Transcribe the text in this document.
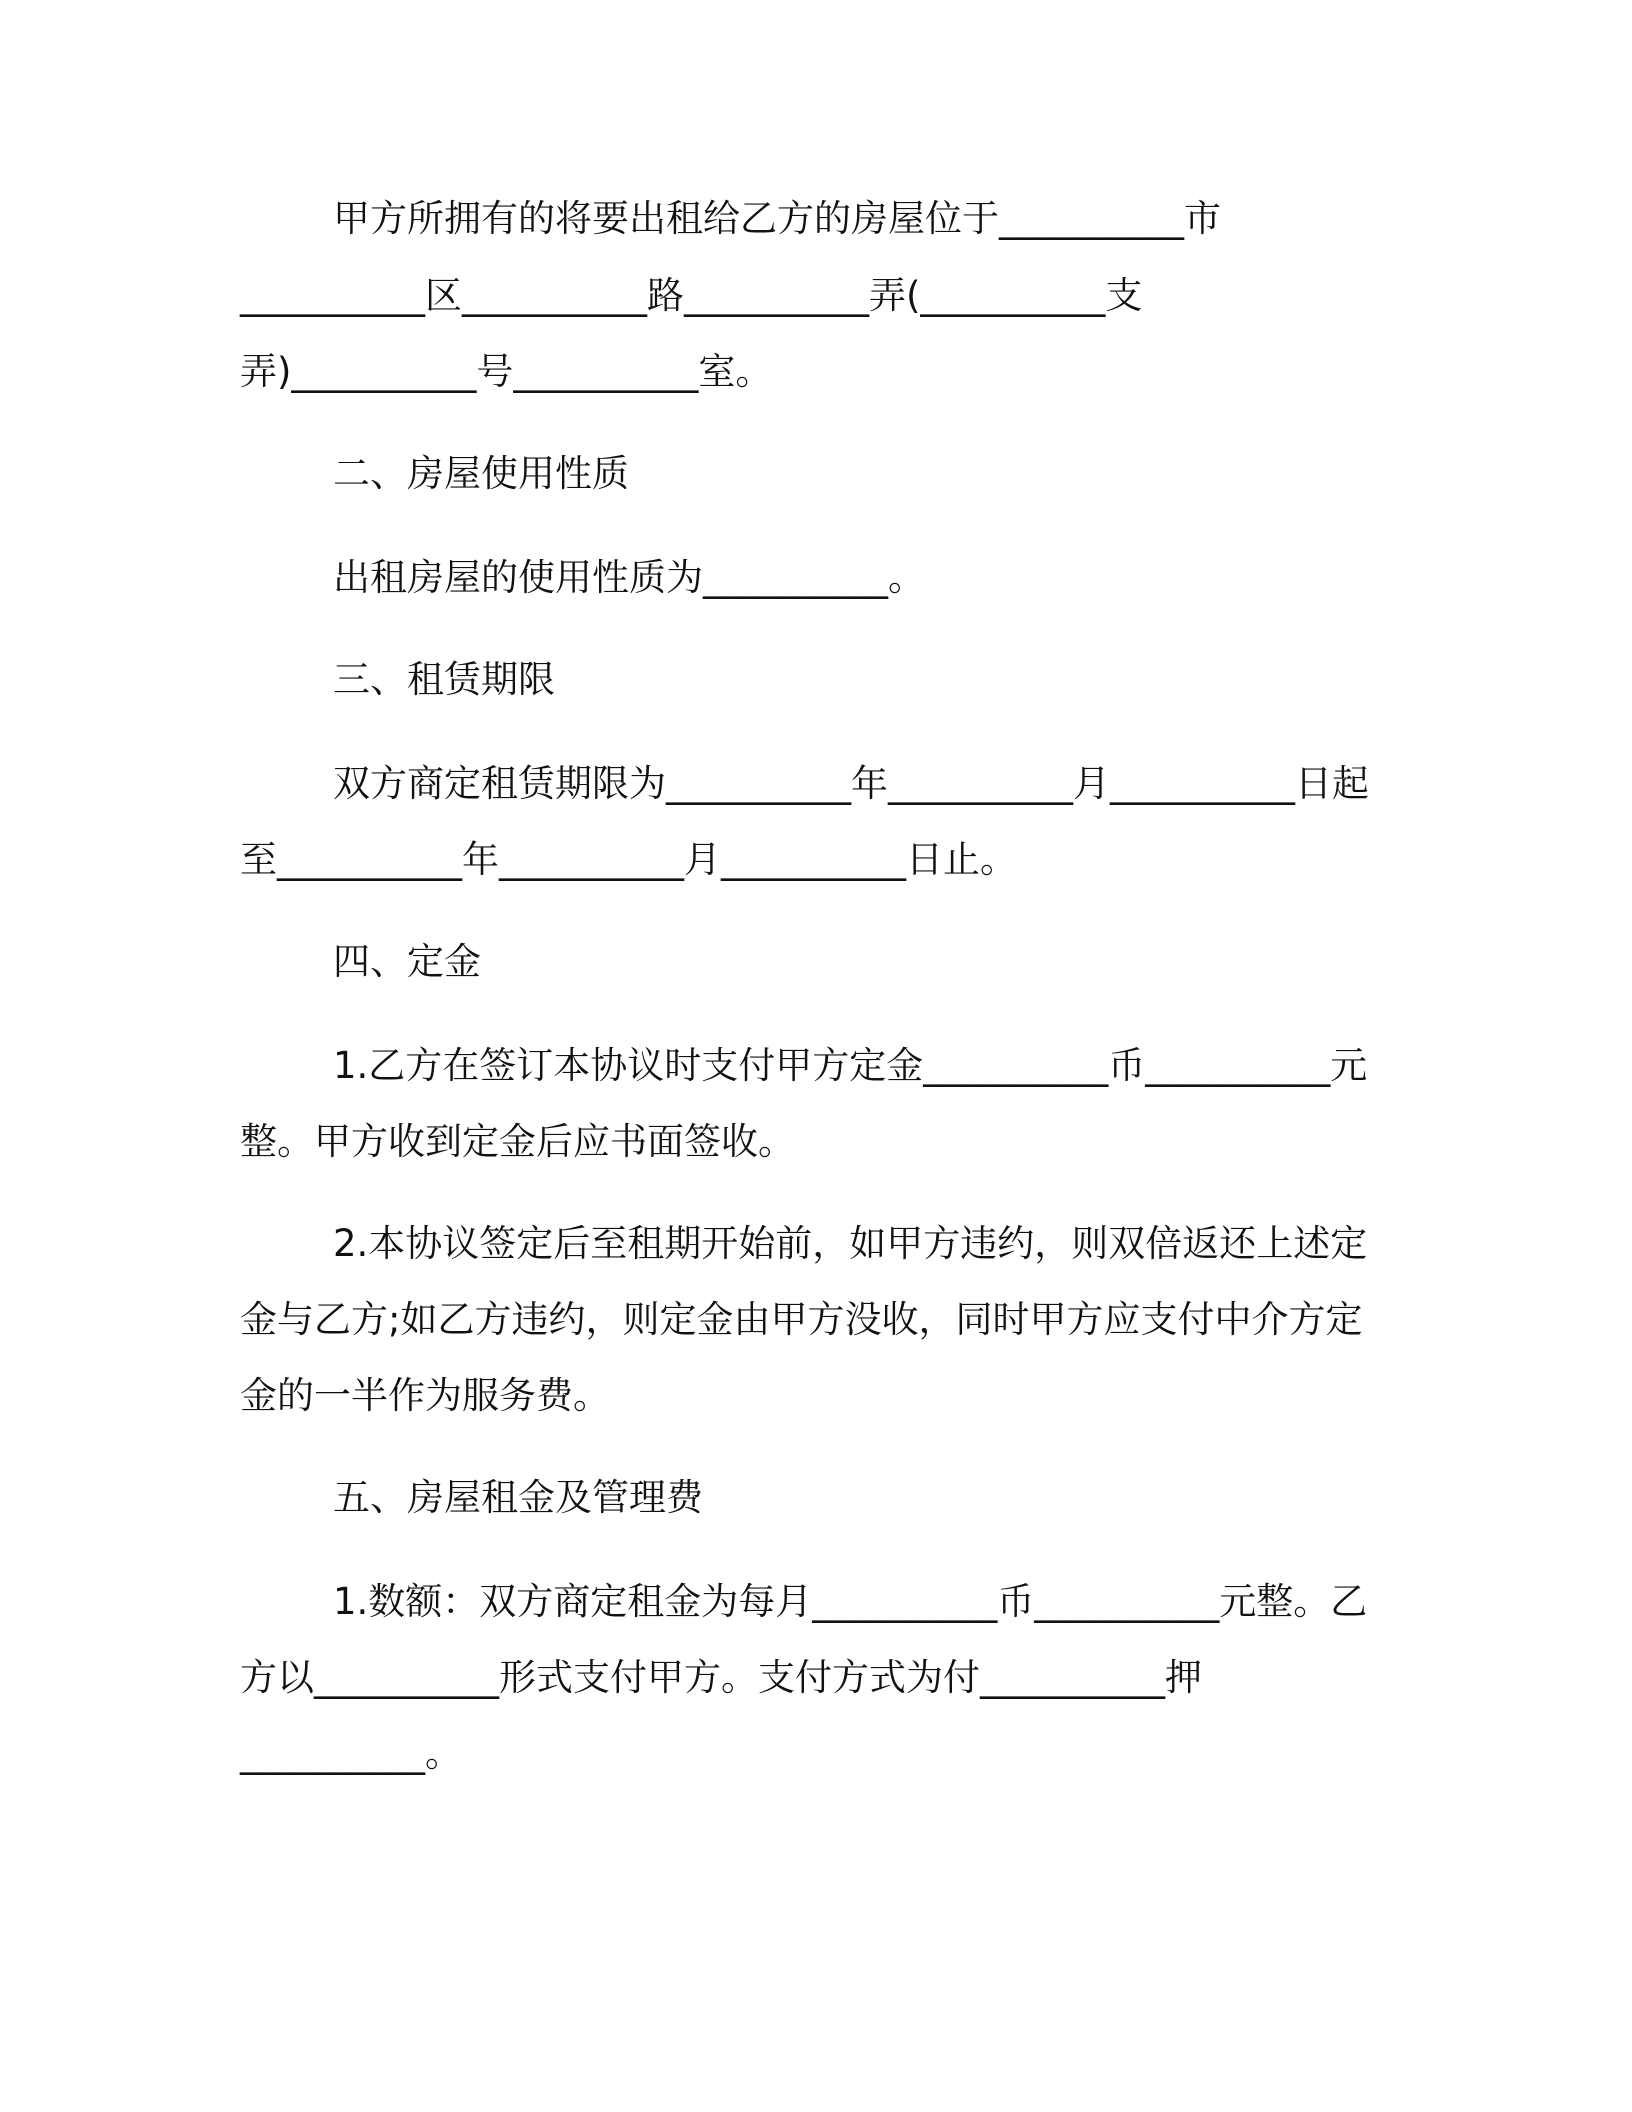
甲方所拥有的将要出租给乙方的房屋位于__________市
__________区__________路__________弄(__________支
弄)__________号__________室。
二、房屋使用性质
出租房屋的使用性质为__________。
三、租赁期限
双方商定租赁期限为__________年__________月__________日起
至__________年__________月__________日止。
四、定金
1.乙方在签订本协议时支付甲方定金__________币__________元
整。甲方收到定金后应书面签收。
2.本协议签定后至租期开始前，如甲方违约，则双倍返还上述定
金与乙方;如乙方违约，则定金由甲方没收，同时甲方应支付中介方定
金的一半作为服务费。
五、房屋租金及管理费
1.数额：双方商定租金为每月__________币__________元整。乙
方以__________形式支付甲方。支付方式为付__________押
__________。
